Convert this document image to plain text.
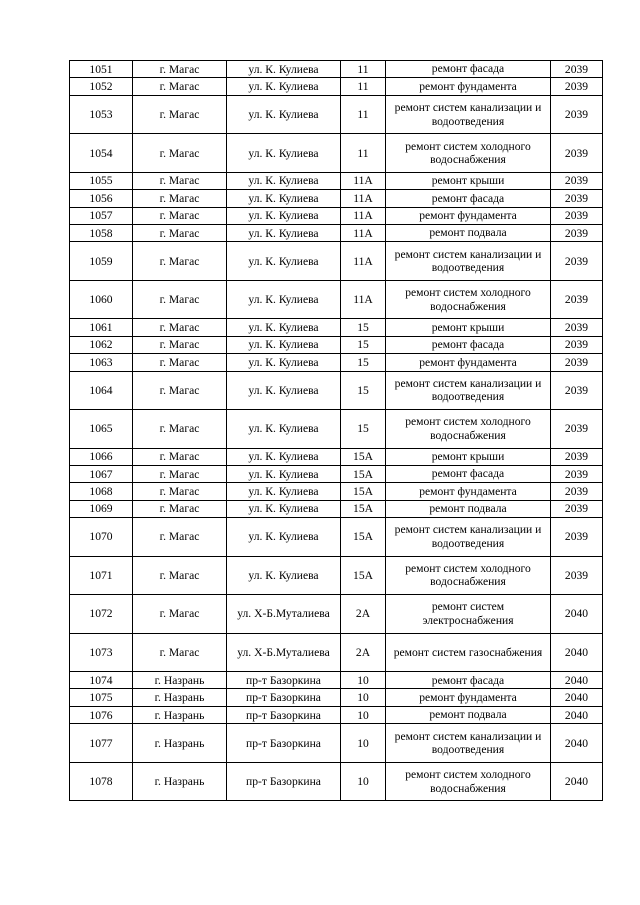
1051	г. Магас	ул. К. Кулиева	11	ремонт фасада	2039
1052	г. Магас	ул. К. Кулиева	11	ремонт фундамента	2039
1053	г. Магас	ул. К. Кулиева	11	ремонт систем канализации и водоотведения	2039
1054	г. Магас	ул. К. Кулиева	11	ремонт систем холодного водоснабжения	2039
1055	г. Магас	ул. К. Кулиева	11А	ремонт крыши	2039
1056	г. Магас	ул. К. Кулиева	11А	ремонт фасада	2039
1057	г. Магас	ул. К. Кулиева	11А	ремонт фундамента	2039
1058	г. Магас	ул. К. Кулиева	11А	ремонт подвала	2039
1059	г. Магас	ул. К. Кулиева	11А	ремонт систем канализации и водоотведения	2039
1060	г. Магас	ул. К. Кулиева	11А	ремонт систем холодного водоснабжения	2039
1061	г. Магас	ул. К. Кулиева	15	ремонт крыши	2039
1062	г. Магас	ул. К. Кулиева	15	ремонт фасада	2039
1063	г. Магас	ул. К. Кулиева	15	ремонт фундамента	2039
1064	г. Магас	ул. К. Кулиева	15	ремонт систем канализации и водоотведения	2039
1065	г. Магас	ул. К. Кулиева	15	ремонт систем холодного водоснабжения	2039
1066	г. Магас	ул. К. Кулиева	15А	ремонт крыши	2039
1067	г. Магас	ул. К. Кулиева	15А	ремонт фасада	2039
1068	г. Магас	ул. К. Кулиева	15А	ремонт фундамента	2039
1069	г. Магас	ул. К. Кулиева	15А	ремонт подвала	2039
1070	г. Магас	ул. К. Кулиева	15А	ремонт систем канализации и водоотведения	2039
1071	г. Магас	ул. К. Кулиева	15А	ремонт систем холодного водоснабжения	2039
1072	г. Магас	ул. Х-Б.Муталиева	2А	ремонт систем электроснабжения	2040
1073	г. Магас	ул. Х-Б.Муталиева	2А	ремонт систем газоснабжения	2040
1074	г. Назрань	пр-т Базоркина	10	ремонт фасада	2040
1075	г. Назрань	пр-т Базоркина	10	ремонт фундамента	2040
1076	г. Назрань	пр-т Базоркина	10	ремонт подвала	2040
1077	г. Назрань	пр-т Базоркина	10	ремонт систем канализации и водоотведения	2040
1078	г. Назрань	пр-т Базоркина	10	ремонт систем холодного водоснабжения	2040
